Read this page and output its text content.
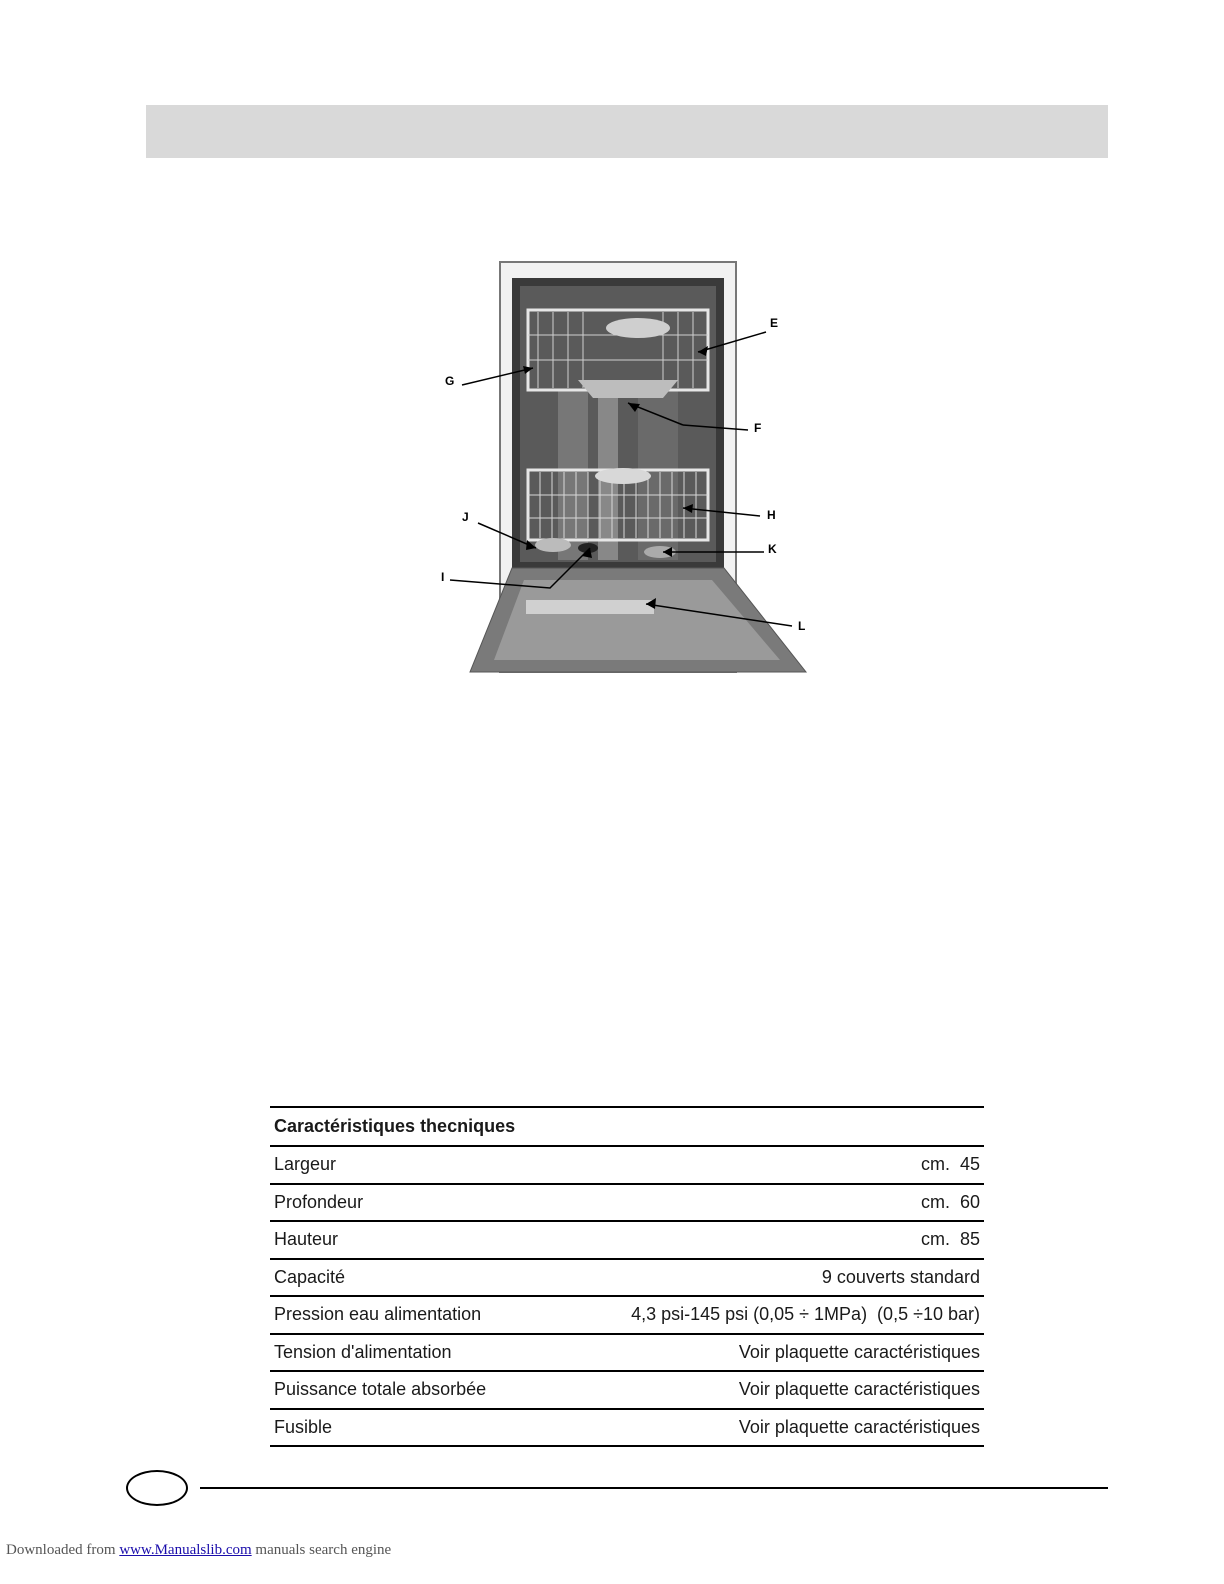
E
G
F
J	H
K
I
L
Caractéristiques thecniques
Largeur	cm.  45
Profondeur	cm.  60
Hauteur	cm.  85
Capacité	9 couverts standard
Pression eau alimentation	4,3 psi-145 psi (0,05 ÷ 1MPa)  (0,5 ÷10 bar)
Tension d'alimentation	Voir plaquette caractéristiques
Puissance totale absorbée	Voir plaquette caractéristiques
Fusible	Voir plaquette caractéristiques
Downloaded from www.Manualslib.com manuals search engine
